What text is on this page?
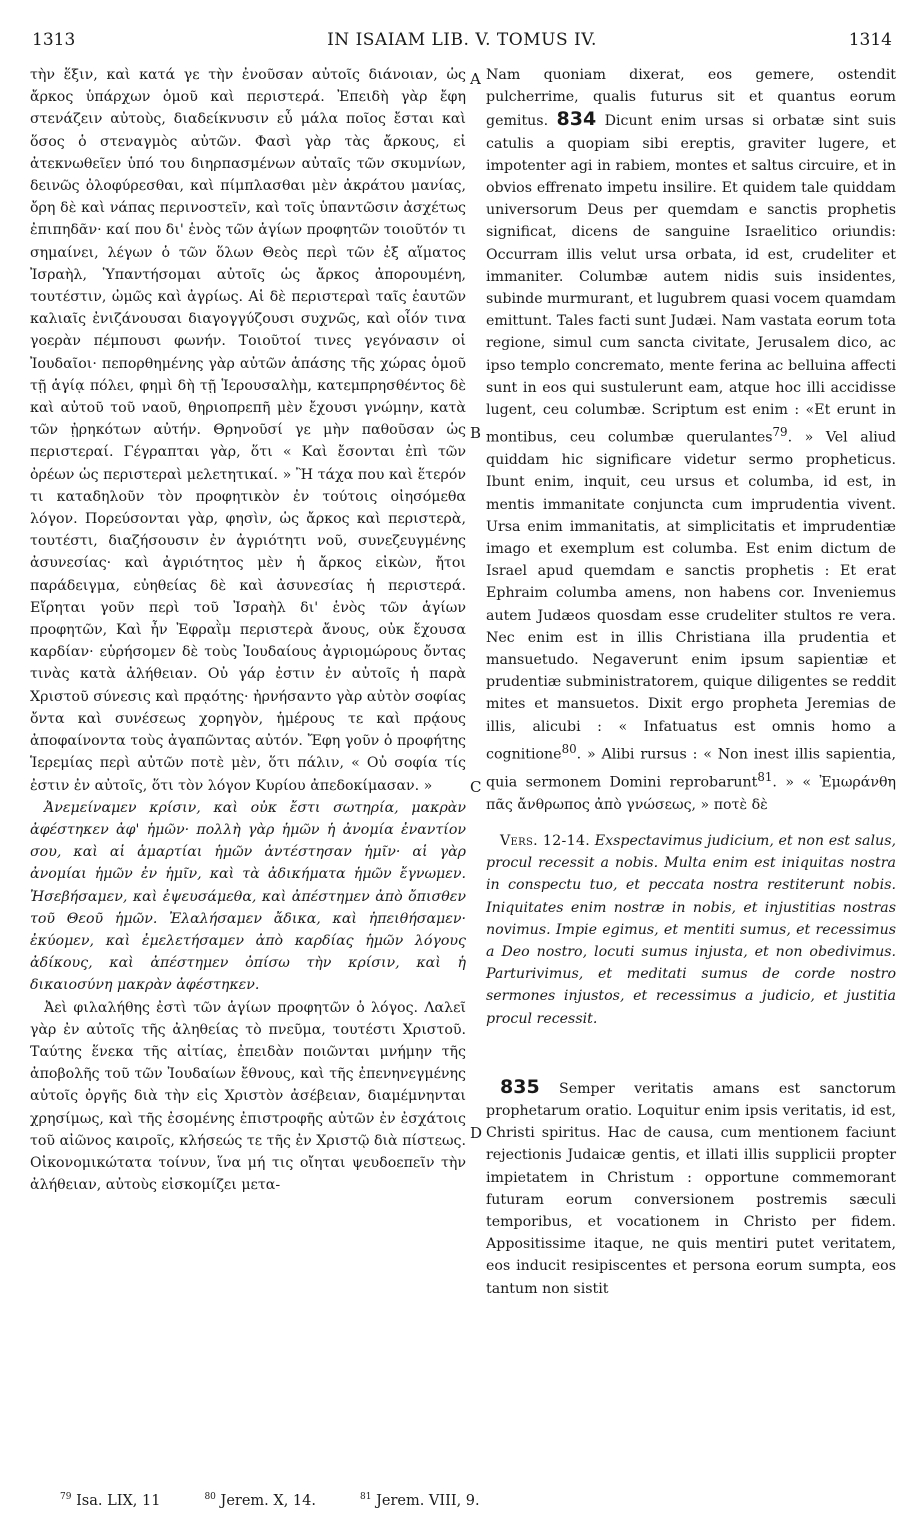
1313	IN ISAIAM LIB. V. TOMUS IV.	1314

τὴν ἕξιν, καὶ κατά γε τὴν ἐνοῦσαν αὐτοῖς διάνοιαν, ὡς ἄρκος ὑπάρχων ὁμοῦ καὶ περιστερά. Ἐπειδὴ γὰρ ἔφη στενάζειν αὐτοὺς, διαδείκνυσιν εὖ μάλα ποῖος ἔσται καὶ ὅσος ὁ στεναγμὸς αὐτῶν. Φασὶ γὰρ τὰς ἄρκους, εἰ ἀτεκνωθεῖεν ὑπό του διηρπασμένων αὐταῖς τῶν σκυμνίων, δεινῶς ὀλοφύρεσθαι, καὶ πίμπλασθαι μὲν ἀκράτου μανίας, ὄρη δὲ καὶ νάπας περινοστεῖν, καὶ τοῖς ὑπαντῶσιν ἀσχέτως ἐπιπηδᾶν· καί που δι' ἑνὸς τῶν ἁγίων προφητῶν τοιοῦτόν τι σημαίνει, λέγων ὁ τῶν ὅλων Θεὸς περὶ τῶν ἐξ αἵματος Ἰσραὴλ, Ὑπαντήσομαι αὐτοῖς ὡς ἄρκος ἀπορουμένη, τουτέστιν, ὠμῶς καὶ ἀγρίως. Αἱ δὲ περιστεραὶ ταῖς ἑαυτῶν καλιαῖς ἐνιζάνουσαι διαγογγύζουσι συχνῶς, καὶ οἷόν τινα γοερὰν πέμπουσι φωνήν. Τοιοῦτοί τινες γεγόνασιν οἱ Ἰουδαῖοι· πεπορθημένης γὰρ αὐτῶν ἁπάσης τῆς χώρας ὁμοῦ τῇ ἁγίᾳ πόλει, φημὶ δὴ τῇ Ἱερουσαλὴμ, κατεμπρησθέντος δὲ καὶ αὐτοῦ τοῦ ναοῦ, θηριοπρεπῆ μὲν ἔχουσι γνώμην, κατὰ τῶν ᾐρηκότων αὐτήν. Θρηνοῦσί γε μὴν παθοῦσαν ὡς περιστεραί. Γέγραπται γὰρ, ὅτι « Καὶ ἔσονται ἐπὶ τῶν ὀρέων ὡς περιστεραὶ μελετητικαί. » Ἢ τάχα που καὶ ἕτερόν τι καταδηλοῦν τὸν προφητικὸν ἐν τούτοις οἰησόμεθα λόγον. Πορεύσονται γὰρ, φησὶν, ὡς ἄρκος καὶ περιστερὰ, τουτέστι, διαζήσουσιν ἐν ἀγριότητι νοῦ, συνεζευγμένης ἀσυνεσίας· καὶ ἀγριότητος μὲν ἡ ἄρκος εἰκὼν, ἤτοι παράδειγμα, εὐηθείας δὲ καὶ ἀσυνεσίας ἡ περιστερά. Εἴρηται γοῦν περὶ τοῦ Ἰσραὴλ δι' ἑνὸς τῶν ἁγίων προφητῶν, Καὶ ἦν Ἐφραῒμ περιστερὰ ἄνους, οὐκ ἔχουσα καρδίαν· εὑρήσομεν δὲ τοὺς Ἰουδαίους ἀγριομώρους ὄντας τινὰς κατὰ ἀλήθειαν. Οὐ γάρ ἐστιν ἐν αὐτοῖς ἡ παρὰ Χριστοῦ σύνεσις καὶ πρᾳότης· ἠρνήσαντο γὰρ αὐτὸν σοφίας ὄντα καὶ συνέσεως χορηγὸν, ἡμέρους τε καὶ πρᾴους ἀποφαίνοντα τοὺς ἀγαπῶντας αὐτόν. Ἔφη γοῦν ὁ προφήτης Ἱερεμίας περὶ αὐτῶν ποτὲ μὲν, ὅτι πάλιν, « Οὐ σοφία τίς ἐστιν ἐν αὐτοῖς, ὅτι τὸν λόγον Κυρίου ἀπεδοκίμασαν. »

Ἀνεμείναμεν κρίσιν, καὶ οὐκ ἔστι σωτηρία, μακρὰν ἀφέστηκεν ἀφ' ἡμῶν· πολλὴ γὰρ ἡμῶν ἡ ἀνομία ἐναντίον σου, καὶ αἱ ἁμαρτίαι ἡμῶν ἀντέστησαν ἡμῖν· αἱ γὰρ ἀνομίαι ἡμῶν ἐν ἡμῖν, καὶ τὰ ἀδικήματα ἡμῶν ἔγνωμεν. Ἠσεβήσαμεν, καὶ ἐψευσάμεθα, καὶ ἀπέστημεν ἀπὸ ὄπισθεν τοῦ Θεοῦ ἡμῶν. Ἐλαλήσαμεν ἄδικα, καὶ ἠπειθήσαμεν· ἐκύομεν, καὶ ἐμελετήσαμεν ἀπὸ καρδίας ἡμῶν λόγους ἀδίκους, καὶ ἀπέστημεν ὀπίσω τὴν κρίσιν, καὶ ἡ δικαιοσύνη μακρὰν ἀφέστηκεν.

Ἀεὶ φιλαλήθης ἐστὶ τῶν ἁγίων προφητῶν ὁ λόγος. Λαλεῖ γὰρ ἐν αὐτοῖς τῆς ἀληθείας τὸ πνεῦμα, τουτέστι Χριστοῦ. Ταύτης ἕνεκα τῆς αἰτίας, ἐπειδὰν ποιῶνται μνήμην τῆς ἀποβολῆς τοῦ τῶν Ἰουδαίων ἔθνους, καὶ τῆς ἐπενηνεγμένης αὐτοῖς ὀργῆς διὰ τὴν εἰς Χριστὸν ἀσέβειαν, διαμέμνηνται χρησίμως, καὶ τῆς ἐσομένης ἐπιστροφῆς αὐτῶν ἐν ἐσχάτοις τοῦ αἰῶνος καιροῖς, κλήσεώς τε τῆς ἐν Χριστῷ διὰ πίστεως. Οἰκονομικώτατα τοίνυν, ἵνα μή τις οἴηται ψευδοεπεῖν τὴν ἀλήθειαν, αὐτοὺς εἰσκομίζει μετα-

A
B
C
D

Nam quoniam dixerat, eos gemere, ostendit pulcherrime, qualis futurus sit et quantus eorum gemitus. 834 Dicunt enim ursas si orbatæ sint suis catulis a quopiam sibi ereptis, graviter lugere, et impotenter agi in rabiem, montes et saltus circuire, et in obvios effrenato impetu insilire. Et quidem tale quiddam universorum Deus per quemdam e sanctis prophetis significat, dicens de sanguine Israelitico oriundis: Occurram illis velut ursa orbata, id est, crudeliter et immaniter. Columbæ autem nidis suis insidentes, subinde murmurant, et lugubrem quasi vocem quamdam emittunt. Tales facti sunt Judæi. Nam vastata eorum tota regione, simul cum sancta civitate, Jerusalem dico, ac ipso templo concremato, mente ferina ac belluina affecti sunt in eos qui sustulerunt eam, atque hoc illi accidisse lugent, ceu columbæ. Scriptum est enim : «Et erunt in montibus, ceu columbæ querulantes$^{79}$. » Vel aliud quiddam hic significare videtur sermo propheticus. Ibunt enim, inquit, ceu ursus et columba, id est, in mentis immanitate conjuncta cum imprudentia vivent. Ursa enim immanitatis, at simplicitatis et imprudentiæ imago et exemplum est columba. Est enim dictum de Israel apud quemdam e sanctis prophetis : Et erat Ephraim columba amens, non habens cor. Inveniemus autem Judæos quosdam esse crudeliter stultos re vera. Nec enim est in illis Christiana illa prudentia et mansuetudo. Negaverunt enim ipsum sapientiæ et prudentiæ subministratorem, quique diligentes se reddit mites et mansuetos. Dixit ergo propheta Jeremias de illis, alicubi : « Infatuatus est omnis homo a cognitione$^{80}$. » Alibi rursus : « Non inest illis sapientia, quia sermonem Domini reprobarunt$^{81}$. » « Ἐμωράνθη πᾶς ἄνθρωπος ἀπὸ γνώσεως, » ποτὲ δὲ

Vers. 12-14. Exspectavimus judicium, et non est salus, procul recessit a nobis. Multa enim est iniquitas nostra in conspectu tuo, et peccata nostra restiterunt nobis. Iniquitates enim nostræ in nobis, et injustitias nostras novimus. Impie egimus, et mentiti sumus, et recessimus a Deo nostro, locuti sumus injusta, et non obedivimus. Parturivimus, et meditati sumus de corde nostro sermones injustos, et recessimus a judicio, et justitia procul recessit.

835 Semper veritatis amans est sanctorum prophetarum oratio. Loquitur enim ipsis veritatis, id est, Christi spiritus. Hac de causa, cum mentionem faciunt rejectionis Judaicæ gentis, et illati illis supplicii propter impietatem in Christum : opportune commemorant futuram eorum conversionem postremis sæculi temporibus, et vocationem in Christo per fidem. Appositissime itaque, ne quis mentiri putet veritatem, eos inducit resipiscentes et persona eorum sumpta, eos tantum non sistit

$^{79}$ Isa. LIX, 11	$^{80}$ Jerem. X, 14.	$^{81}$ Jerem. VIII, 9.
